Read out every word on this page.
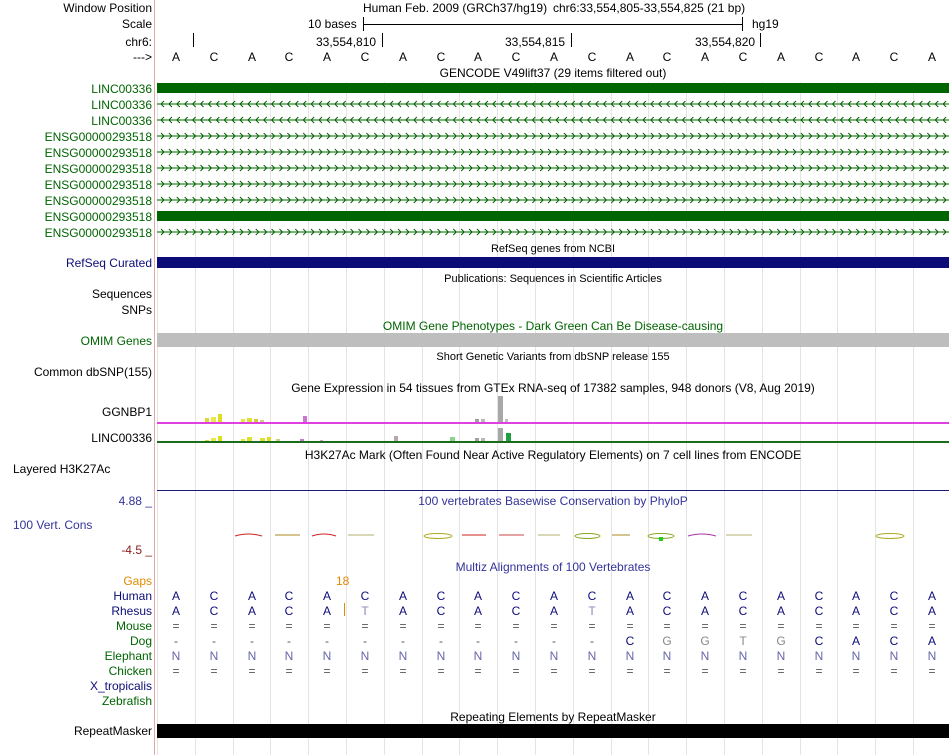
Window Position
Scale
chr6:
--->
Human Feb. 2009 (GRCh37/hg19) chr6:33,554,805-33,554,825 (21 bp)
10 bases	hg19
33,554,810	33,554,815	33,554,820
A	C	A	C	A	C	A	C	A	C	A	C	A	C	A	C	A	C	A	C	A
GENCODE V49lift37 (29 items filtered out)
LINC00336
LINC00336
LINC00336
ENSG00000293518
ENSG00000293518
ENSG00000293518
ENSG00000293518
ENSG00000293518
ENSG00000293518
ENSG00000293518
RefSeq genes from NCBI
RefSeq Curated
Publications: Sequences in Scientific Articles
Sequences
SNPs
OMIM Gene Phenotypes - Dark Green Can Be Disease-causing
OMIM Genes
Short Genetic Variants from dbSNP release 155
Common dbSNP(155)
Gene Expression in 54 tissues from GTEx RNA-seq of 17382 samples, 948 donors (V8, Aug 2019)
GGNBP1
LINC00336
H3K27Ac Mark (Often Found Near Active Regulatory Elements) on 7 cell lines from ENCODE
Layered H3K27Ac
100 vertebrates Basewise Conservation by PhyloP
4.88 _
100 Vert. Cons
-4.5 _
Multiz Alignments of 100 Vertebrates
Gaps	18
Human	A	C	A	C	A	C	A	C	A	C	A	C	A	C	A	C	A	C	A	C	A
Rhesus	A	C	A	C	A	T	A	C	A	C	A	T	A	C	A	C	A	C	A	C	A
Mouse	=	=	=	=	=	=	=	=	=	=	=	=	=	=	=	=	=	=	=	=	=
Dog	-	-	-	-	-	-	-	-	-	-	-	-	C	G	G	T	G	C	A	C	A
Elephant	N	N	N	N	N	N	N	N	N	N	N	N	N	N	N	N	N	N	N	N	N
Chicken	=	=	=	=	=	=	=	=	=	=	=	=	=	=	=	=	=	=	=	=	=
X_tropicalis
Zebrafish
Repeating Elements by RepeatMasker
RepeatMasker
